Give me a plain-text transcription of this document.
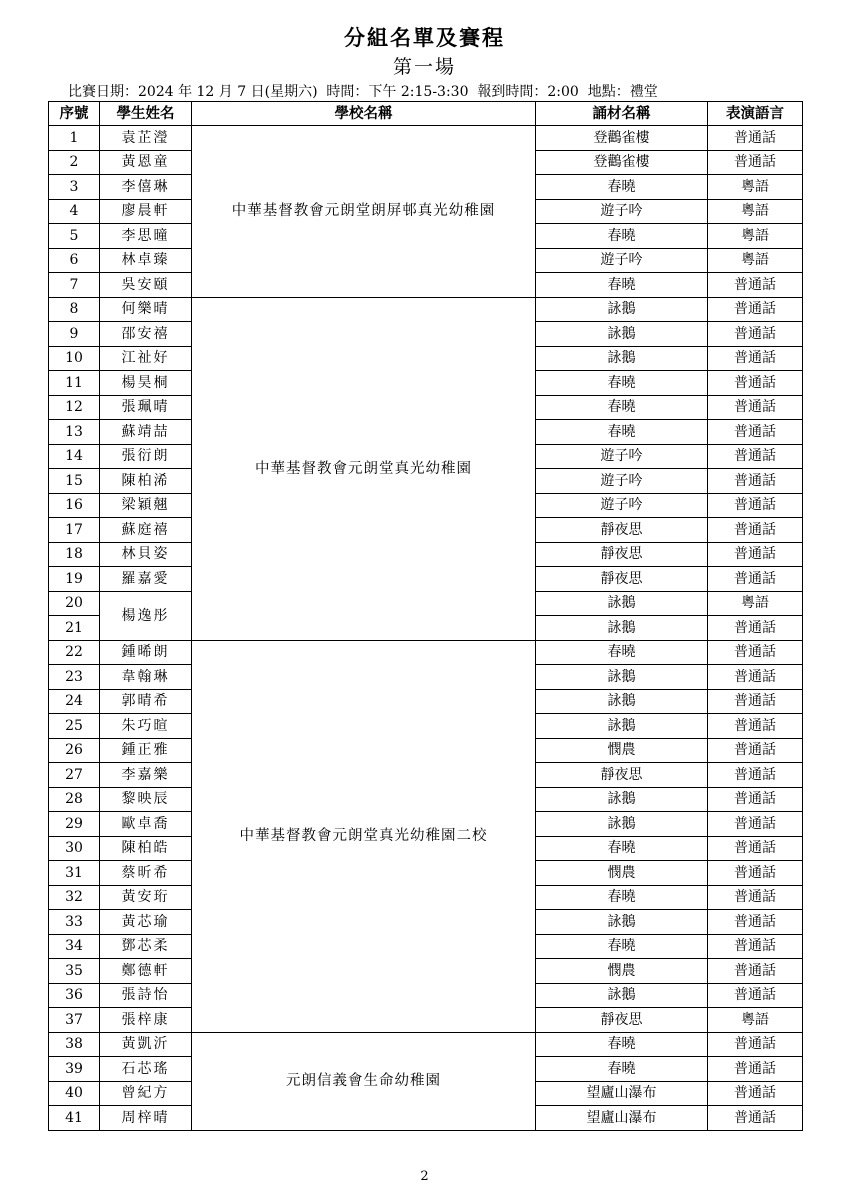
分組名單及賽程
第一場
比賽日期：2024 年 12 月 7 日(星期六)  時間：下午 2:15-3:30  報到時間：2:00  地點：禮堂
序號	學生姓名	學校名稱	誦材名稱	表演語言
1	袁芷瀅	中華基督教會元朗堂朗屏邨真光幼稚園	登鸛雀樓	普通話
2	黃恩童		登鸛雀樓	普通話
3	李僖琳		春曉	粵語
4	廖晨軒		遊子吟	粵語
5	李思曈		春曉	粵語
6	林卓臻		遊子吟	粵語
7	吳安頤		春曉	普通話
8	何樂晴	中華基督教會元朗堂真光幼稚園	詠鵝	普通話
9	邵安禧		詠鵝	普通話
10	江祉好		詠鵝	普通話
11	楊昊桐		春曉	普通話
12	張珮晴		春曉	普通話
13	蘇靖喆		春曉	普通話
14	張衍朗		遊子吟	普通話
15	陳柏浠		遊子吟	普通話
16	梁穎翹		遊子吟	普通話
17	蘇庭禧		靜夜思	普通話
18	林貝姿		靜夜思	普通話
19	羅嘉愛		靜夜思	普通話
20	楊逸彤		詠鵝	粵語
21			詠鵝	普通話
22	鍾晞朗	中華基督教會元朗堂真光幼稚園二校	春曉	普通話
23	韋翰琳		詠鵝	普通話
24	郭晴希		詠鵝	普通話
25	朱巧暄		詠鵝	普通話
26	鍾正雅		憫農	普通話
27	李嘉樂		靜夜思	普通話
28	黎映辰		詠鵝	普通話
29	歐卓喬		詠鵝	普通話
30	陳柏皓		春曉	普通話
31	蔡昕希		憫農	普通話
32	黃安珩		春曉	普通話
33	黃芯瑜		詠鵝	普通話
34	鄧芯柔		春曉	普通話
35	鄭德軒		憫農	普通話
36	張詩怡		詠鵝	普通話
37	張梓康		靜夜思	粵語
38	黃凱沂	元朗信義會生命幼稚園	春曉	普通話
39	石芯瑤		春曉	普通話
40	曾紀方		望廬山瀑布	普通話
41	周梓晴		望廬山瀑布	普通話
2
